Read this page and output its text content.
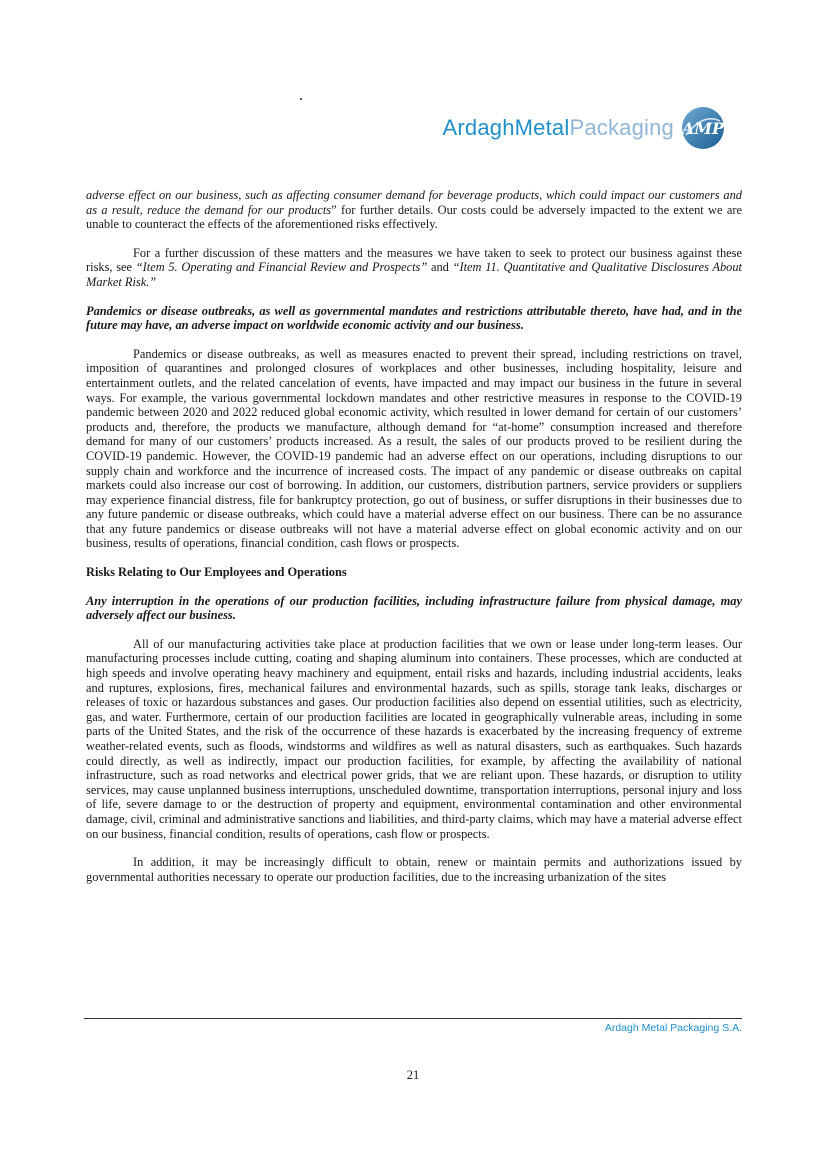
ArdaghMetalPackaging AMP

adverse effect on our business, such as affecting consumer demand for beverage products, which could impact our customers and as a result, reduce the demand for our products” for further details. Our costs could be adversely impacted to the extent we are unable to counteract the effects of the aforementioned risks effectively.

For a further discussion of these matters and the measures we have taken to seek to protect our business against these risks, see “Item 5. Operating and Financial Review and Prospects” and “Item 11. Quantitative and Qualitative Disclosures About Market Risk.”

Pandemics or disease outbreaks, as well as governmental mandates and restrictions attributable thereto, have had, and in the future may have, an adverse impact on worldwide economic activity and our business.

Pandemics or disease outbreaks, as well as measures enacted to prevent their spread, including restrictions on travel, imposition of quarantines and prolonged closures of workplaces and other businesses, including hospitality, leisure and entertainment outlets, and the related cancelation of events, have impacted and may impact our business in the future in several ways. For example, the various governmental lockdown mandates and other restrictive measures in response to the COVID-19 pandemic between 2020 and 2022 reduced global economic activity, which resulted in lower demand for certain of our customers’ products and, therefore, the products we manufacture, although demand for “at-home” consumption increased and therefore demand for many of our customers’ products increased. As a result, the sales of our products proved to be resilient during the COVID-19 pandemic. However, the COVID-19 pandemic had an adverse effect on our operations, including disruptions to our supply chain and workforce and the incurrence of increased costs. The impact of any pandemic or disease outbreaks on capital markets could also increase our cost of borrowing. In addition, our customers, distribution partners, service providers or suppliers may experience financial distress, file for bankruptcy protection, go out of business, or suffer disruptions in their businesses due to any future pandemic or disease outbreaks, which could have a material adverse effect on our business. There can be no assurance that any future pandemics or disease outbreaks will not have a material adverse effect on global economic activity and on our business, results of operations, financial condition, cash flows or prospects.

Risks Relating to Our Employees and Operations

Any interruption in the operations of our production facilities, including infrastructure failure from physical damage, may adversely affect our business.

All of our manufacturing activities take place at production facilities that we own or lease under long-term leases. Our manufacturing processes include cutting, coating and shaping aluminum into containers. These processes, which are conducted at high speeds and involve operating heavy machinery and equipment, entail risks and hazards, including industrial accidents, leaks and ruptures, explosions, fires, mechanical failures and environmental hazards, such as spills, storage tank leaks, discharges or releases of toxic or hazardous substances and gases. Our production facilities also depend on essential utilities, such as electricity, gas, and water. Furthermore, certain of our production facilities are located in geographically vulnerable areas, including in some parts of the United States, and the risk of the occurrence of these hazards is exacerbated by the increasing frequency of extreme weather-related events, such as floods, windstorms and wildfires as well as natural disasters, such as earthquakes. Such hazards could directly, as well as indirectly, impact our production facilities, for example, by affecting the availability of national infrastructure, such as road networks and electrical power grids, that we are reliant upon. These hazards, or disruption to utility services, may cause unplanned business interruptions, unscheduled downtime, transportation interruptions, personal injury and loss of life, severe damage to or the destruction of property and equipment, environmental contamination and other environmental damage, civil, criminal and administrative sanctions and liabilities, and third-party claims, which may have a material adverse effect on our business, financial condition, results of operations, cash flow or prospects.

In addition, it may be increasingly difficult to obtain, renew or maintain permits and authorizations issued by governmental authorities necessary to operate our production facilities, due to the increasing urbanization of the sites

Ardagh Metal Packaging S.A.
21
